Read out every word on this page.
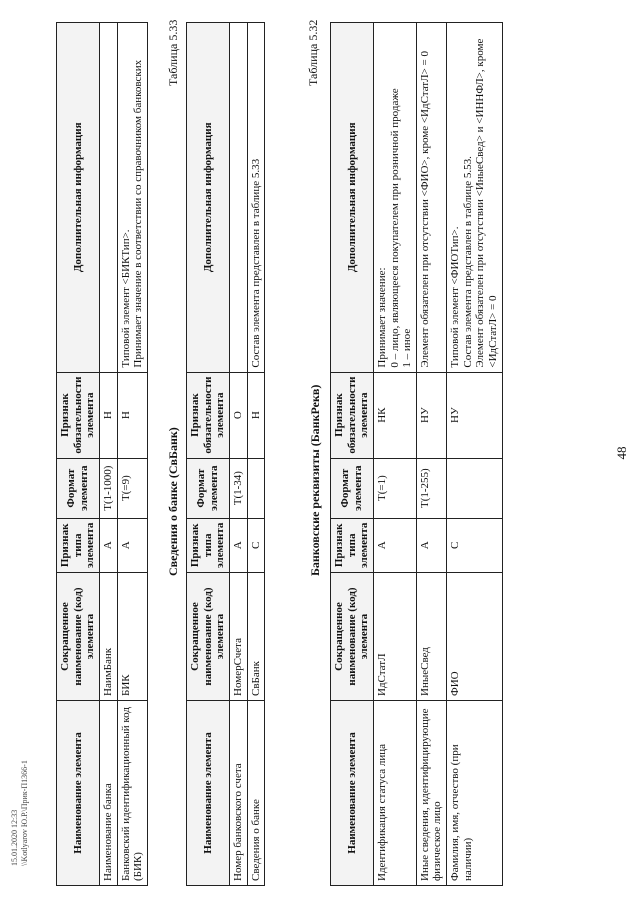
48
Наименование элемента	Сокращенное наименование (код) элемента	Признак типа элемента	Формат элемента	Признак обязательности элемента	Дополнительная информация
Идентификация статуса лица	ИдСтатЛ	А	Т(=1)	НК	Принимает значение: 0 – лицо, являющееся покупателем при розничной продаже 1 – иное

Иные сведения, идентифицирующие физическое лицо	ИныеСвед	А	Т(1-255)	НУ	Элемент обязателен при отсутствии <ФИО>, кроме <ИдСтатЛ> = 0

Фамилия, имя, отчество (при наличии)	ФИО	С		НУ	Типовой элемент <ФИОТип>. Состав элемента представлен в таблице 5.53. Элемент обязателен при отсутствии <ИныеСвед> и <ИННФЛ>, кроме <ИдСтатЛ> = 0
Таблица 5.32
Банковские реквизиты (БанкРекв)
Наименование элемента	Сокращенное наименование (код) элемента	Признак типа элемента	Формат элемента	Признак обязательности элемента	Дополнительная информация
Номер банковского счета	НомерСчета	А	Т(1-34)	О	

Сведения о банке	СвБанк	С		Н	Состав элемента представлен в таблице 5.33
Таблица 5.33
Сведения о банке (СвБанк)
Наименование элемента	Сокращенное наименование (код) элемента	Признак типа элемента	Формат элемента	Признак обязательности элемента	Дополнительная информация
Наименование банка	НаимБанк	А	Т(1-1000)	Н	

Банковский идентификационный код (БИК)	БИК	А	Т(=9)	Н	Типовой элемент <БИКТип>. Принимает значение в соответствии со справочником банковских
15.01.2020 12:33 \\Kotlyarov Ю.Р.\Прик-П1366-1
